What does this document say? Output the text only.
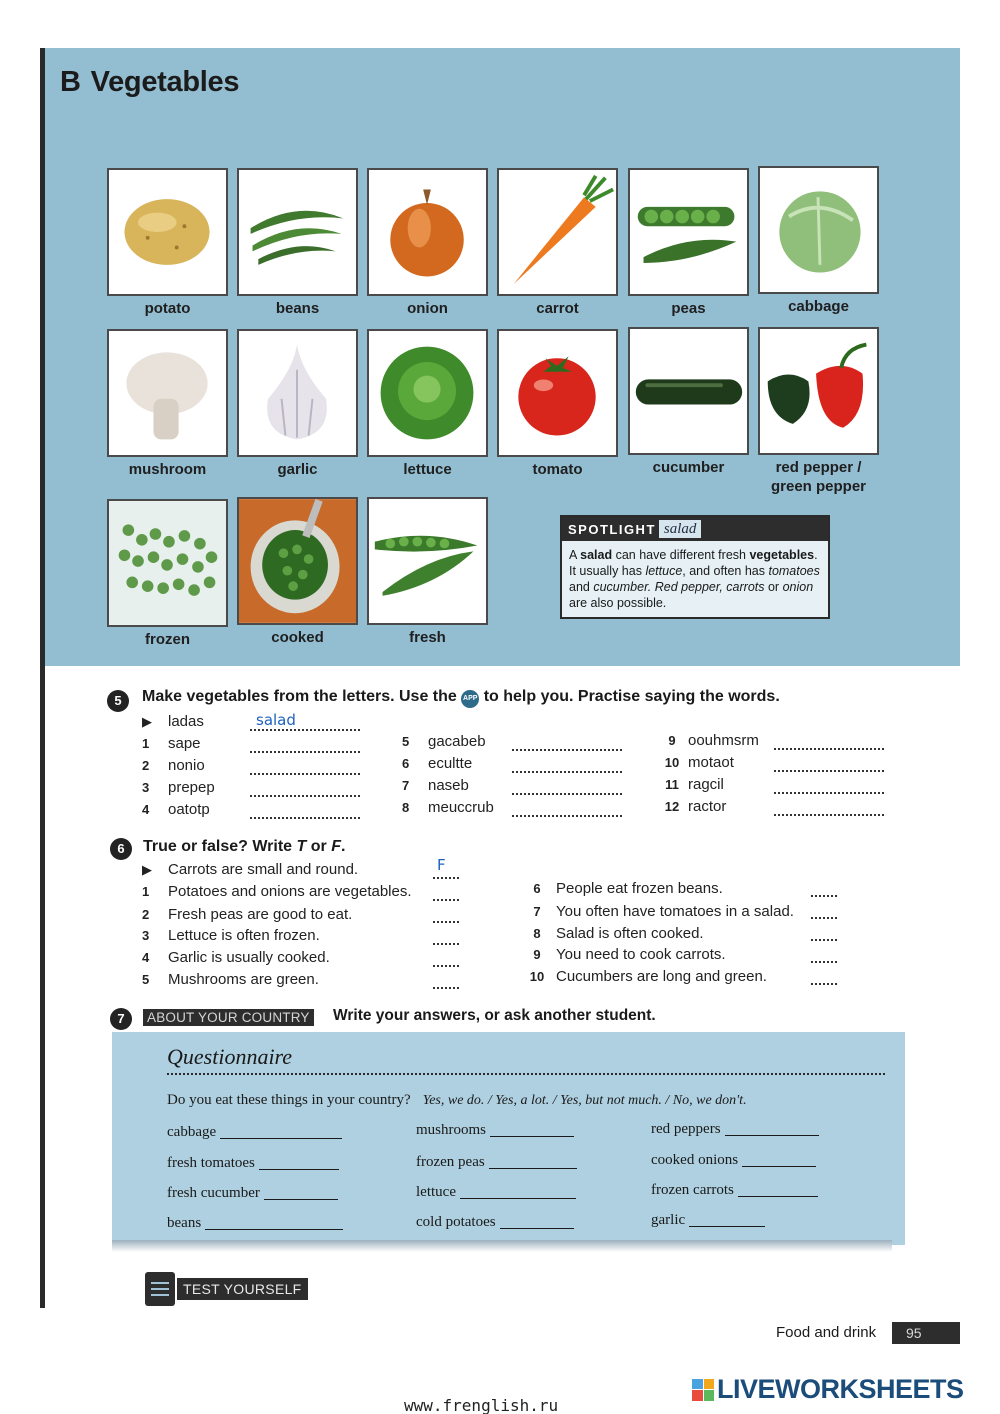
B Vegetables
potato	beans	onion	carrot	peas	cabbage
mushroom	garlic	lettuce	tomato	cucumber	red pepper /
green pepper
frozen	cooked	fresh
SPOTLIGHT salad
A salad can have different fresh vegetables.
It usually has lettuce, and often has tomatoes
and cucumber. Red pepper, carrots or onion
are also possible.
5	Make vegetables from the letters. Use the APP to help you. Practise saying the words.
▶ ladas	salad
1 sape
2 nonio
3 prepep
4 oatotp
5 gacabeb
6 ecultte
7 naseb
8 meuccrub
9 oouhmsrm
10 motaot
11 ragcil
12 ractor
6	True or false? Write T or F.
▶ Carrots are small and round.	F
1 Potatoes and onions are vegetables.
2 Fresh peas are good to eat.
3 Lettuce is often frozen.
4 Garlic is usually cooked.
5 Mushrooms are green.
6 People eat frozen beans.
7 You often have tomatoes in a salad.
8 Salad is often cooked.
9 You need to cook carrots.
10 Cucumbers are long and green.
7	ABOUT YOUR COUNTRY Write your answers, or ask another student.
Questionnaire
Do you eat these things in your country? Yes, we do. / Yes, a lot. / Yes, but not much. / No, we don't.
cabbage
fresh tomatoes
fresh cucumber
beans
mushrooms
frozen peas
lettuce
cold potatoes
red peppers
cooked onions
frozen carrots
garlic
TEST YOURSELF
Food and drink	95
www.frenglish.ru
LIVEWORKSHEETS
